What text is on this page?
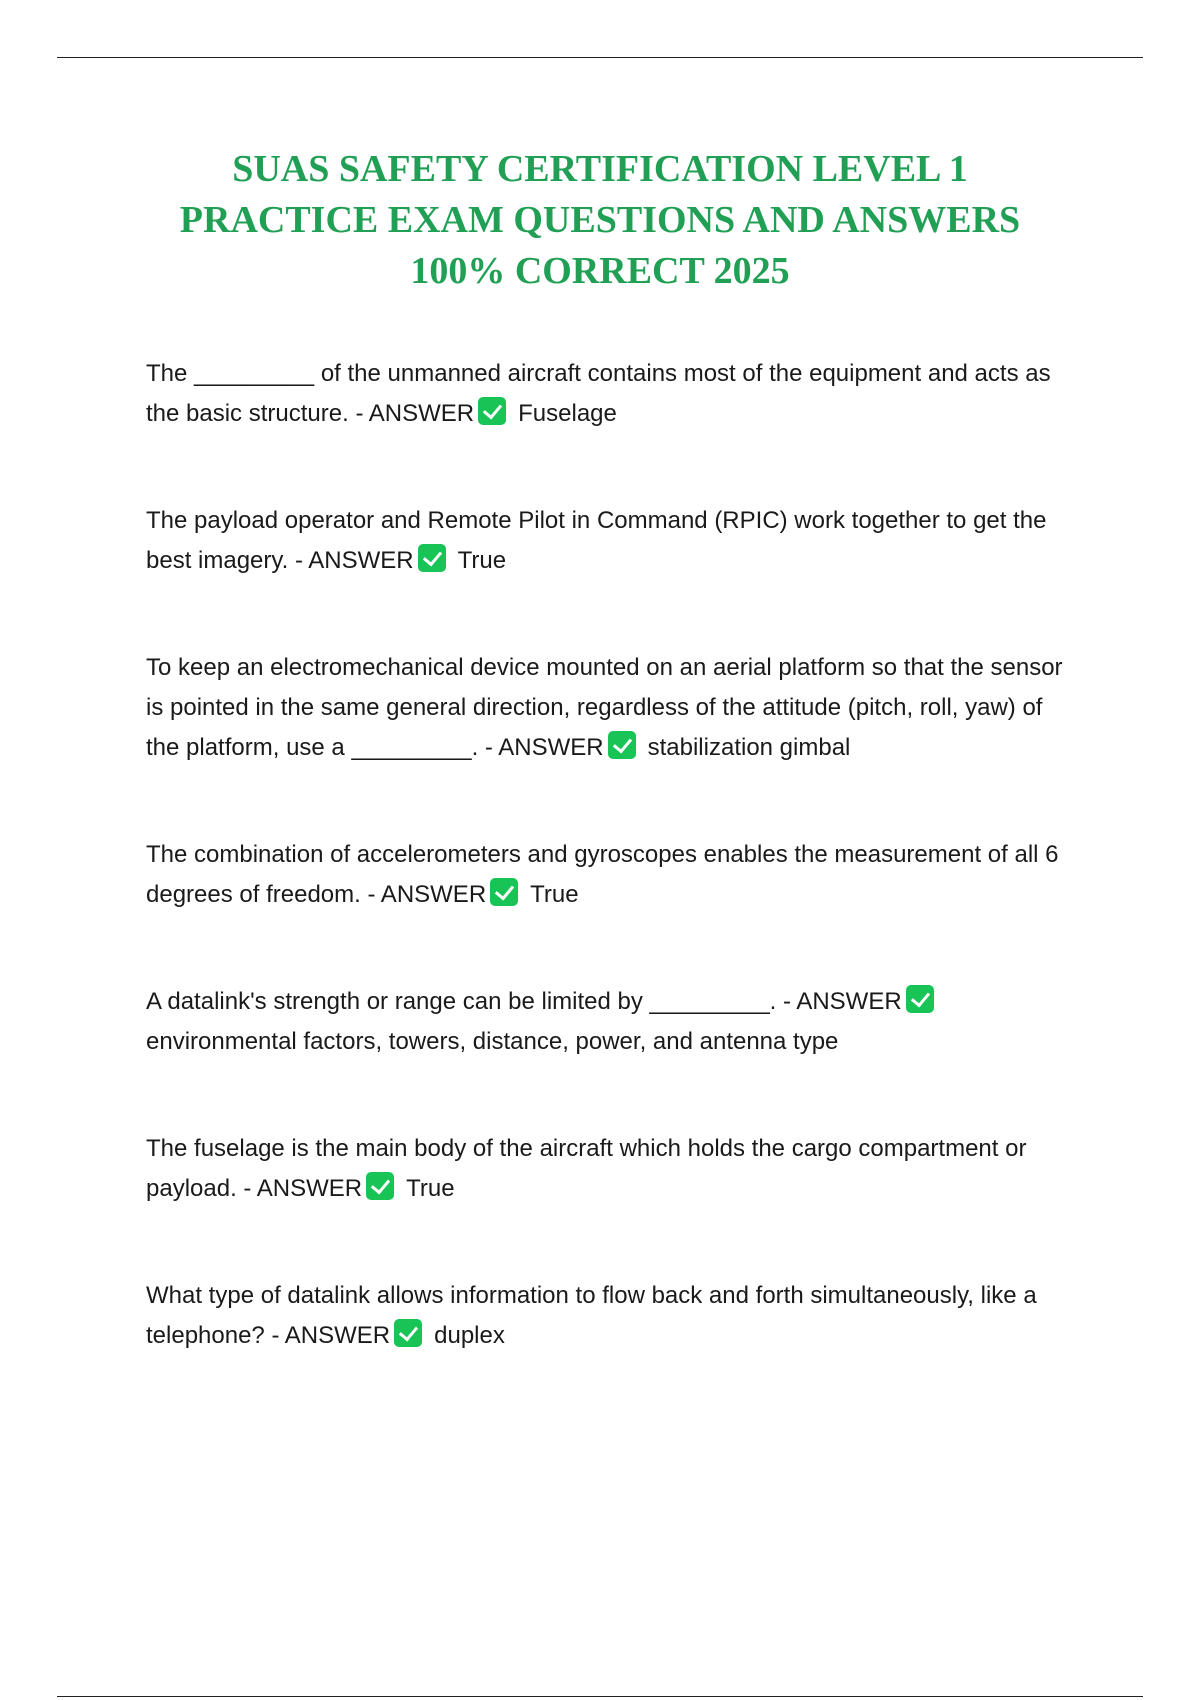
SUAS SAFETY CERTIFICATION LEVEL 1
PRACTICE EXAM QUESTIONS AND ANSWERS
100% CORRECT 2025

The _________ of the unmanned aircraft contains most of the equipment and acts as the basic structure. - ANSWER Fuselage

The payload operator and Remote Pilot in Command (RPIC) work together to get the best imagery. - ANSWER True

To keep an electromechanical device mounted on an aerial platform so that the sensor is pointed in the same general direction, regardless of the attitude (pitch, roll, yaw) of the platform, use a _________. - ANSWER stabilization gimbal

The combination of accelerometers and gyroscopes enables the measurement of all 6 degrees of freedom. - ANSWER True

A datalink's strength or range can be limited by _________. - ANSWERenvironmental factors, towers, distance, power, and antenna type

The fuselage is the main body of the aircraft which holds the cargo compartment or payload. - ANSWER True

What type of datalink allows information to flow back and forth simultaneously, like a telephone? - ANSWER duplex
